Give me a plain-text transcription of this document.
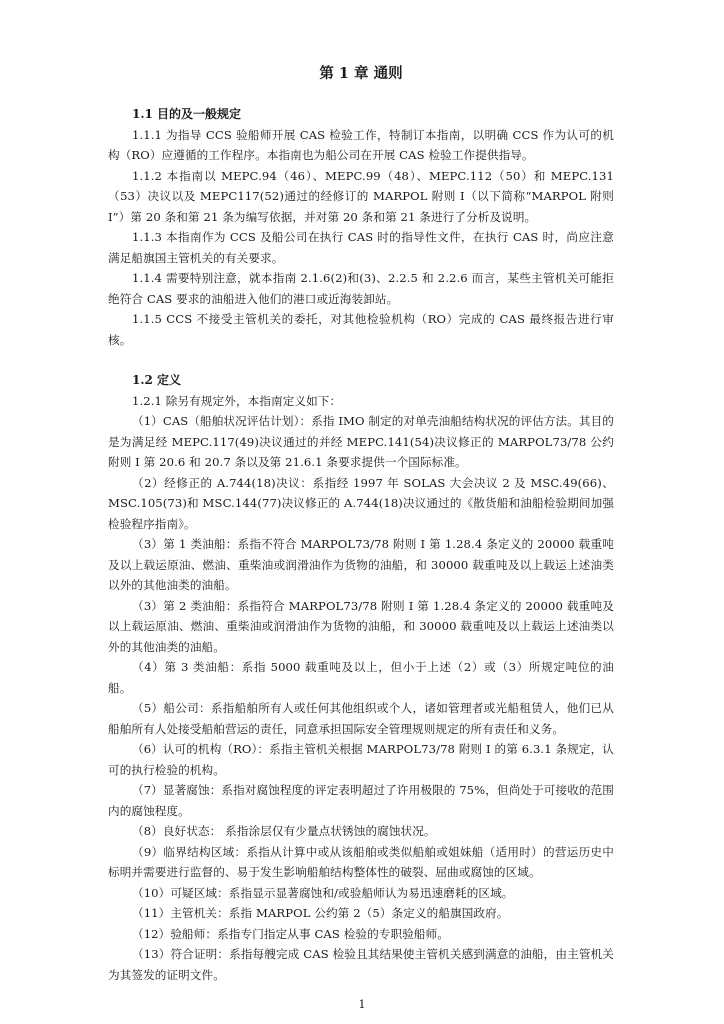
第 1 章 通则
1.1 目的及一般规定

1.1.1 为指导 CCS 验船师开展 CAS 检验工作，特制订本指南，以明确 CCS 作为认可的机构（RO）应遵循的工作程序。本指南也为船公司在开展 CAS 检验工作提供指导。

1.1.2 本指南以 MEPC.94（46）、MEPC.99（48）、MEPC.112（50）和 MEPC.131（53）决议以及 MEPC117(52)通过的经修订的 MARPOL 附则 I（以下简称“MARPOL 附则 I”）第 20 条和第 21 条为编写依据，并对第 20 条和第 21 条进行了分析及说明。

1.1.3 本指南作为 CCS 及船公司在执行 CAS 时的指导性文件，在执行 CAS 时，尚应注意满足船旗国主管机关的有关要求。

1.1.4 需要特别注意，就本指南 2.1.6(2)和(3)、2.2.5 和 2.2.6 而言，某些主管机关可能拒绝符合 CAS 要求的油船进入他们的港口或近海装卸站。

1.1.5 CCS 不接受主管机关的委托，对其他检验机构（RO）完成的 CAS 最终报告进行审核。

1.2 定义

1.2.1 除另有规定外，本指南定义如下：

（1）CAS（船舶状况评估计划）：系指 IMO 制定的对单壳油船结构状况的评估方法。其目的是为满足经 MEPC.117(49)决议通过的并经 MEPC.141(54)决议修正的 MARPOL73/78 公约附则 I 第 20.6 和 20.7 条以及第 21.6.1 条要求提供一个国际标准。

（2）经修正的 A.744(18)决议：系指经 1997 年 SOLAS 大会决议 2 及 MSC.49(66)、MSC.105(73)和 MSC.144(77)决议修正的 A.744(18)决议通过的《散货船和油船检验期间加强检验程序指南》。

（3）第 1 类油船：系指不符合 MARPOL73/78 附则 I 第 1.28.4 条定义的 20000 载重吨及以上载运原油、燃油、重柴油或润滑油作为货物的油船，和 30000 载重吨及以上载运上述油类以外的其他油类的油船。

（3）第 2 类油船：系指符合 MARPOL73/78 附则 I 第 1.28.4 条定义的 20000 载重吨及以上载运原油、燃油、重柴油或润滑油作为货物的油船，和 30000 载重吨及以上载运上述油类以外的其他油类的油船。

（4）第 3 类油船：系指 5000 载重吨及以上，但小于上述（2）或（3）所规定吨位的油船。

（5）船公司：系指船舶所有人或任何其他组织或个人，诸如管理者或光船租赁人，他们已从船舶所有人处接受船舶营运的责任，同意承担国际安全管理规则规定的所有责任和义务。

（6）认可的机构（RO）：系指主管机关根据 MARPOL73/78 附则 I 的第 6.3.1 条规定，认可的执行检验的机构。

（7）显著腐蚀：系指对腐蚀程度的评定表明超过了许用极限的 75%，但尚处于可接收的范围内的腐蚀程度。

（8）良好状态： 系指涂层仅有少量点状锈蚀的腐蚀状况。

（9）临界结构区域：系指从计算中或从该船舶或类似船舶或姐妹船（适用时）的营运历史中标明并需要进行监督的、易于发生影响船舶结构整体性的破裂、屈曲或腐蚀的区域。

（10）可疑区域：系指显示显著腐蚀和/或验船师认为易迅速磨耗的区域。

（11）主管机关：系指 MARPOL 公约第 2（5）条定义的船旗国政府。

（12）验船师：系指专门指定从事 CAS 检验的专职验船师。

（13）符合证明：系指每艘完成 CAS 检验且其结果使主管机关感到满意的油船，由主管机关为其签发的证明文件。

1
